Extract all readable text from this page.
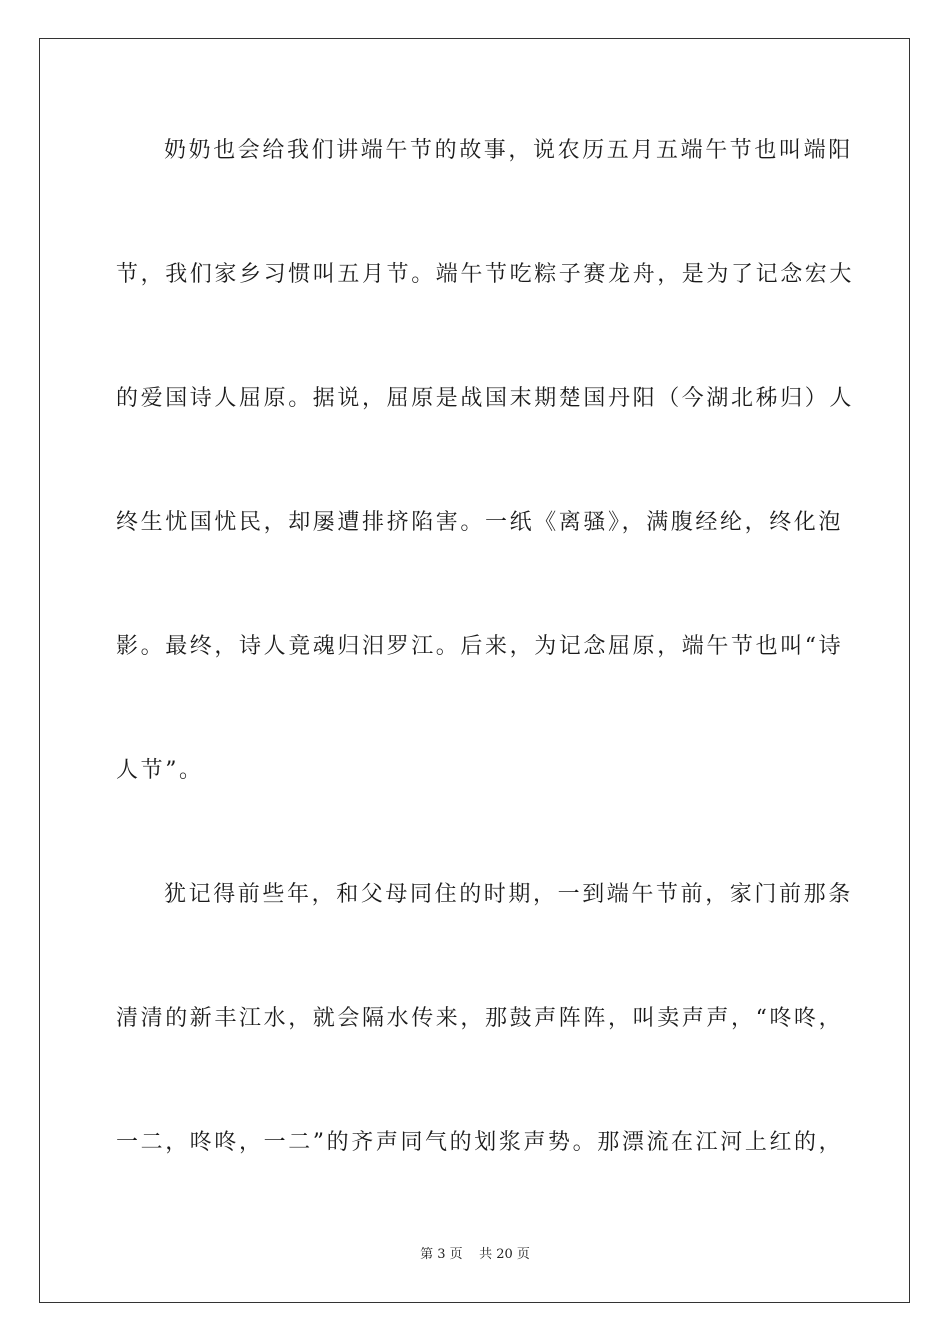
奶奶也会给我们讲端午节的故事，说农历五月五端午节也叫端阳
节，我们家乡习惯叫五月节。端午节吃粽子赛龙舟，是为了记念宏大
的爱国诗人屈原。据说，屈原是战国末期楚国丹阳（今湖北秭归）人
终生忧国忧民，却屡遭排挤陷害。一纸《离骚》，满腹经纶，终化泡
影。最终，诗人竟魂归汨罗江。后来，为记念屈原，端午节也叫“诗
人节”。
犹记得前些年，和父母同住的时期，一到端午节前，家门前那条
清清的新丰江水，就会隔水传来，那鼓声阵阵，叫卖声声，“咚咚，
一二，咚咚，一二”的齐声同气的划浆声势。那漂流在江河上红的，
第 3 页    共 20 页
